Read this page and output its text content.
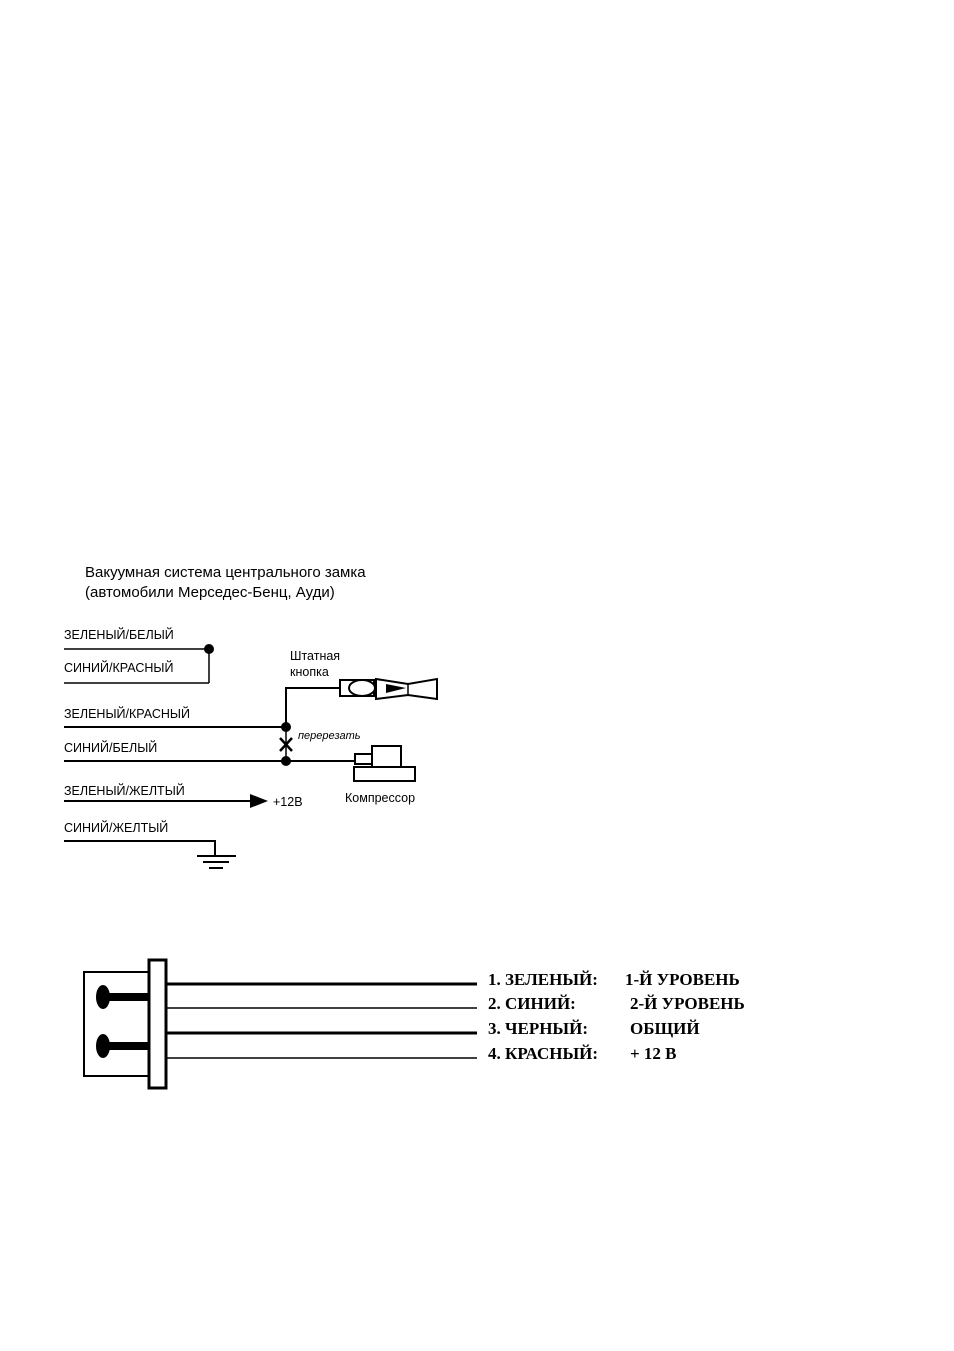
Вакуумная система центрального замка
(автомобили Мерседес-Бенц, Ауди)
ЗЕЛЕНЫЙ/БЕЛЫЙ
СИНИЙ/КРАСНЫЙ
ЗЕЛЕНЫЙ/КРАСНЫЙ
СИНИЙ/БЕЛЫЙ
ЗЕЛЕНЫЙ/ЖЕЛТЫЙ
СИНИЙ/ЖЕЛТЫЙ
Штатная
кнопка
перерезать
Компрессор
+12В
1. ЗЕЛЕНЫЙ: 1-Й УРОВЕНЬ
2. СИНИЙ:	2-Й УРОВЕНЬ
3. ЧЕРНЫЙ: ОБЩИЙ
4. КРАСНЫЙ: + 12 В
